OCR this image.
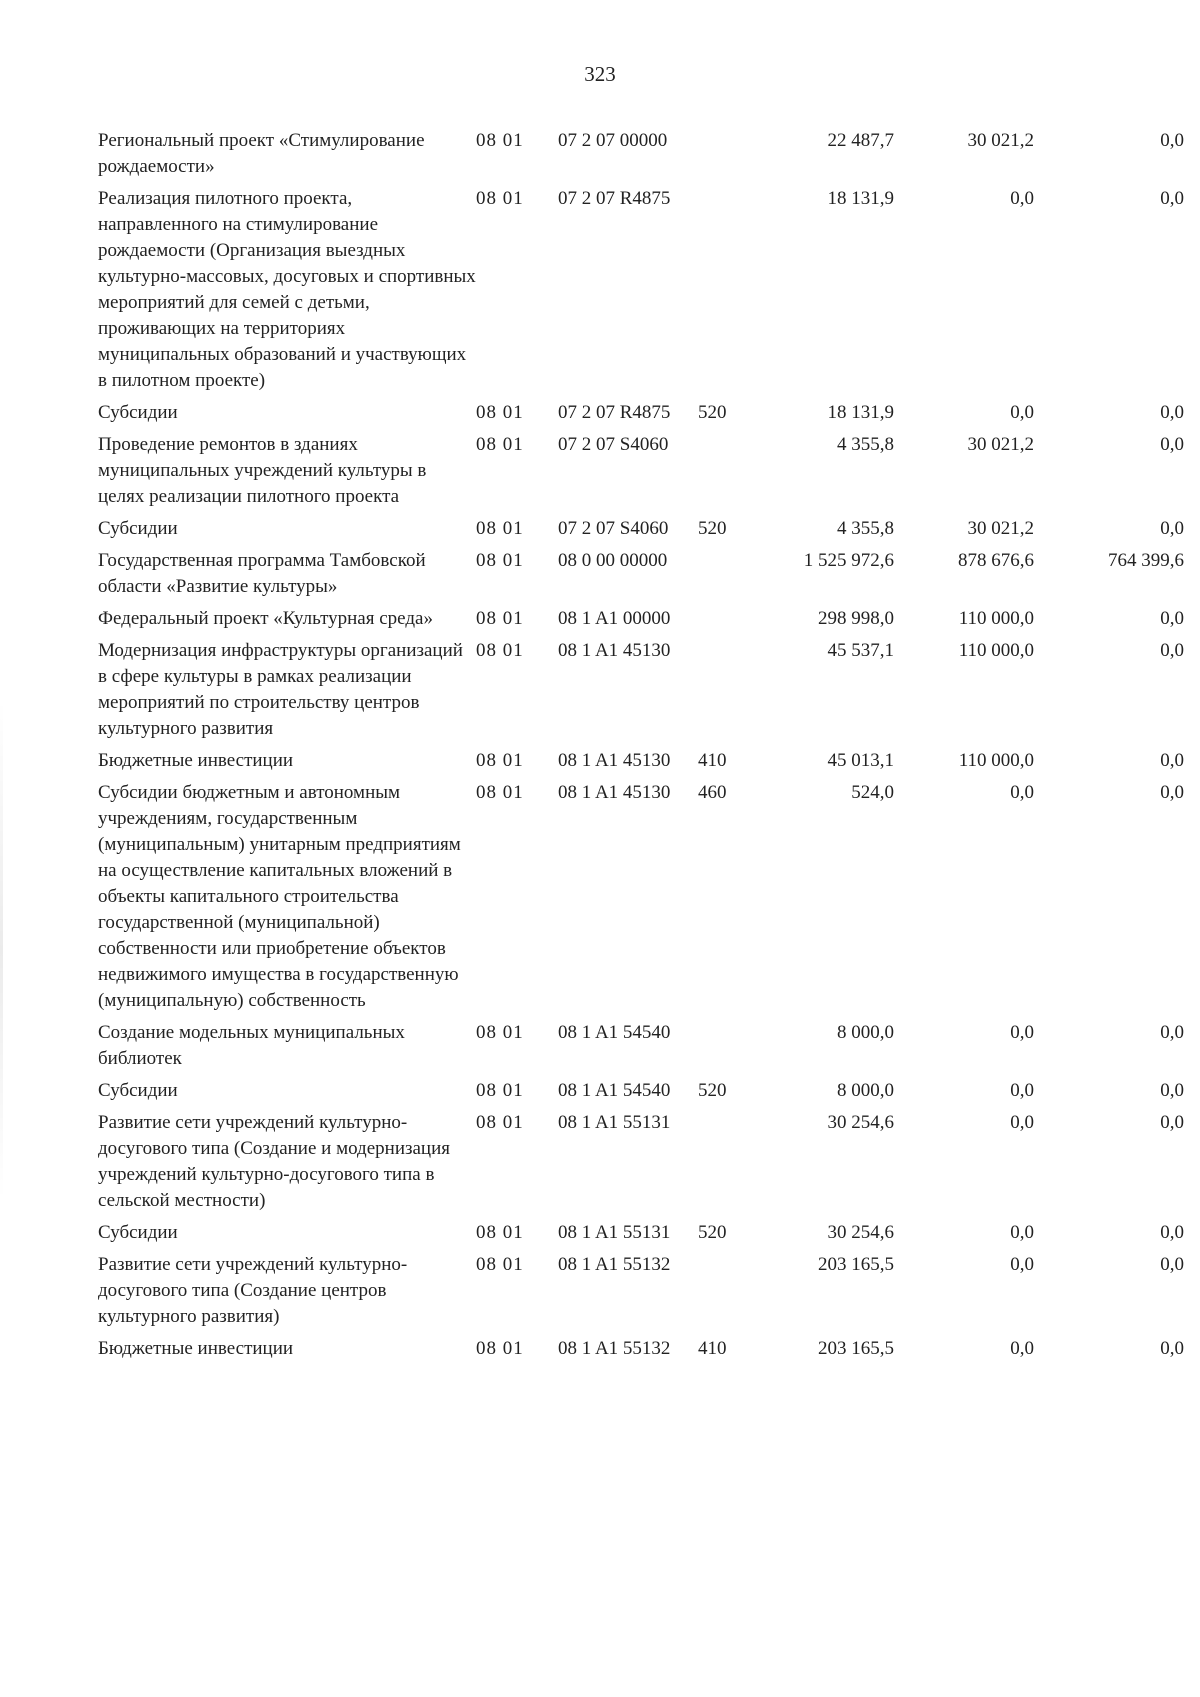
323
Региональный проект «Стимулирование рождаемости»	08 01	07 2 07 00000		22 487,7	30 021,2	0,0
Реализация пилотного проекта, направленного на стимулирование рождаемости (Организация выездных культурно-массовых, досуговых и спортивных мероприятий для семей с детьми, проживающих на территориях муниципальных образований и участвующих в пилотном проекте)	08 01	07 2 07 R4875		18 131,9	0,0	0,0
Субсидии	08 01	07 2 07 R4875	520	18 131,9	0,0	0,0
Проведение ремонтов в зданиях муниципальных учреждений культуры в целях реализации пилотного проекта	08 01	07 2 07 S4060		4 355,8	30 021,2	0,0
Субсидии	08 01	07 2 07 S4060	520	4 355,8	30 021,2	0,0
Государственная программа Тамбовской области «Развитие культуры»	08 01	08 0 00 00000		1 525 972,6	878 676,6	764 399,6
Федеральный проект «Культурная среда»	08 01	08 1 A1 00000		298 998,0	110 000,0	0,0
Модернизация инфраструктуры организаций в сфере культуры в рамках реализации мероприятий по строительству центров культурного развития	08 01	08 1 A1 45130		45 537,1	110 000,0	0,0
Бюджетные инвестиции	08 01	08 1 A1 45130	410	45 013,1	110 000,0	0,0
Субсидии бюджетным и автономным учреждениям, государственным (муниципальным) унитарным предприятиям на осуществление капитальных вложений в объекты капитального строительства государственной (муниципальной) собственности или приобретение объектов недвижимого имущества в государственную (муниципальную) собственность	08 01	08 1 A1 45130	460	524,0	0,0	0,0
Создание модельных муниципальных библиотек	08 01	08 1 A1 54540		8 000,0	0,0	0,0
Субсидии	08 01	08 1 A1 54540	520	8 000,0	0,0	0,0
Развитие сети учреждений культурно-досугового типа (Создание и модернизация учреждений культурно-досугового типа в сельской местности)	08 01	08 1 A1 55131		30 254,6	0,0	0,0
Субсидии	08 01	08 1 A1 55131	520	30 254,6	0,0	0,0
Развитие сети учреждений культурно-досугового типа (Создание центров культурного развития)	08 01	08 1 A1 55132		203 165,5	0,0	0,0
Бюджетные инвестиции	08 01	08 1 A1 55132	410	203 165,5	0,0	0,0
